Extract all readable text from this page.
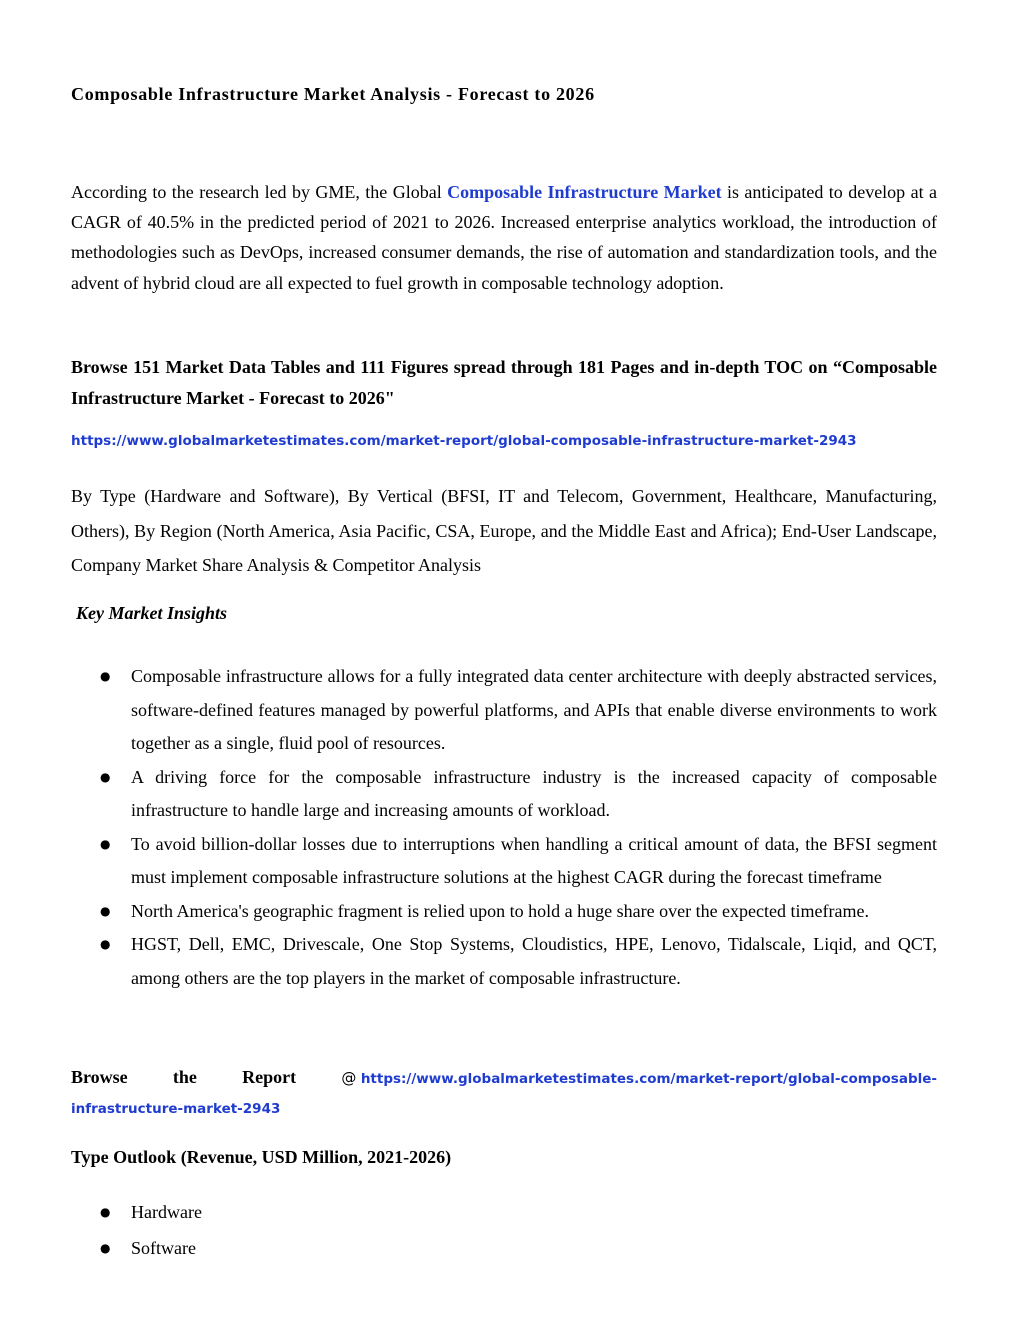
Composable Infrastructure Market Analysis - Forecast to 2026
According to the research led by GME, the Global Composable Infrastructure Market is anticipated to develop at a CAGR of 40.5% in the predicted period of 2021 to 2026. Increased enterprise analytics workload, the introduction of methodologies such as DevOps, increased consumer demands, the rise of automation and standardization tools, and the advent of hybrid cloud are all expected to fuel growth in composable technology adoption.
Browse 151 Market Data Tables and 111 Figures spread through 181 Pages and in-depth TOC on “Composable Infrastructure Market - Forecast to 2026"
https://www.globalmarketestimates.com/market-report/global-composable-infrastructure-market-2943
By Type (Hardware and Software), By Vertical (BFSI, IT and Telecom, Government, Healthcare, Manufacturing, Others), By Region (North America, Asia Pacific, CSA, Europe, and the Middle East and Africa); End-User Landscape, Company Market Share Analysis & Competitor Analysis
Key Market Insights
● Composable infrastructure allows for a fully integrated data center architecture with deeply abstracted services, software-defined features managed by powerful platforms, and APIs that enable diverse environments to work together as a single, fluid pool of resources.
● A driving force for the composable infrastructure industry is the increased capacity of composable infrastructure to handle large and increasing amounts of workload.
● To avoid billion-dollar losses due to interruptions when handling a critical amount of data, the BFSI segment must implement composable infrastructure solutions at the highest CAGR during the forecast timeframe
● North America's geographic fragment is relied upon to hold a huge share over the expected timeframe.
● HGST, Dell, EMC, Drivescale, One Stop Systems, Cloudistics, HPE, Lenovo, Tidalscale, Liqid, and QCT, among others are the top players in the market of composable infrastructure.
Browse	the	Report	@ https://www.globalmarketestimates.com/market-report/global-composable-
infrastructure-market-2943
Type Outlook (Revenue, USD Million, 2021-2026)
● Hardware
● Software
